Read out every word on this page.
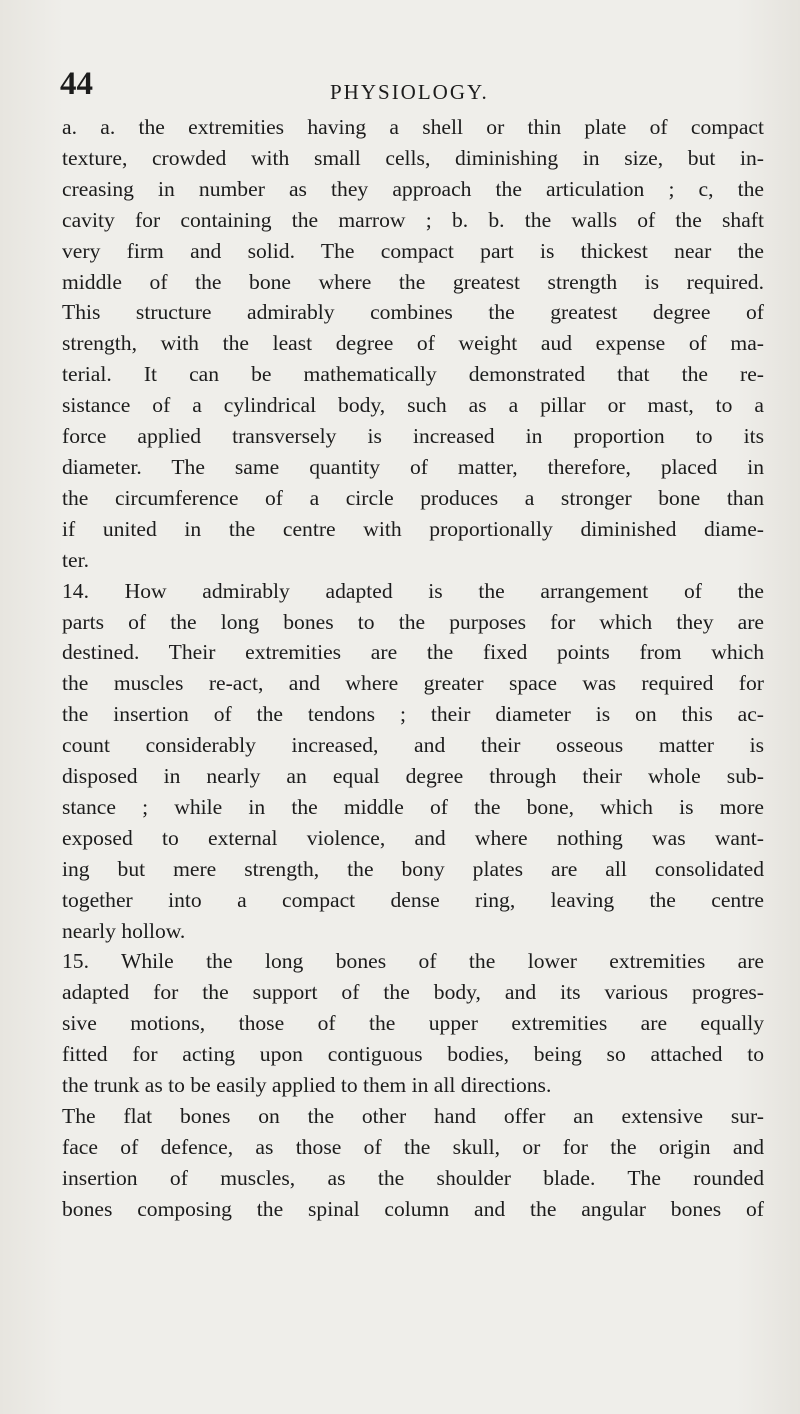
44	PHYSIOLOGY.
a. a. the extremities having a shell or thin plate of compact
texture, crowded with small cells, diminishing in size, but in-
creasing in number as they approach the articulation ; c, the
cavity for containing the marrow ; b. b. the walls of the shaft
very firm and solid. The compact part is thickest near the
middle of the bone where the greatest strength is required.
This structure admirably combines the greatest degree of
strength, with the least degree of weight aud expense of ma-
terial. It can be mathematically demonstrated that the re-
sistance of a cylindrical body, such as a pillar or mast, to a
force applied transversely is increased in proportion to its
diameter. The same quantity of matter, therefore, placed in
the circumference of a circle produces a stronger bone than
if united in the centre with proportionally diminished diame-
ter.
14. How admirably adapted is the arrangement of the
parts of the long bones to the purposes for which they are
destined. Their extremities are the fixed points from which
the muscles re-act, and where greater space was required for
the insertion of the tendons ; their diameter is on this ac-
count considerably increased, and their osseous matter is
disposed in nearly an equal degree through their whole sub-
stance ; while in the middle of the bone, which is more
exposed to external violence, and where nothing was want-
ing but mere strength, the bony plates are all consolidated
together into a compact dense ring, leaving the centre
nearly hollow.
15. While the long bones of the lower extremities are
adapted for the support of the body, and its various progres-
sive motions, those of the upper extremities are equally
fitted for acting upon contiguous bodies, being so attached to
the trunk as to be easily applied to them in all directions.
The flat bones on the other hand offer an extensive sur-
face of defence, as those of the skull, or for the origin and
insertion of muscles, as the shoulder blade. The rounded
bones composing the spinal column and the angular bones of
